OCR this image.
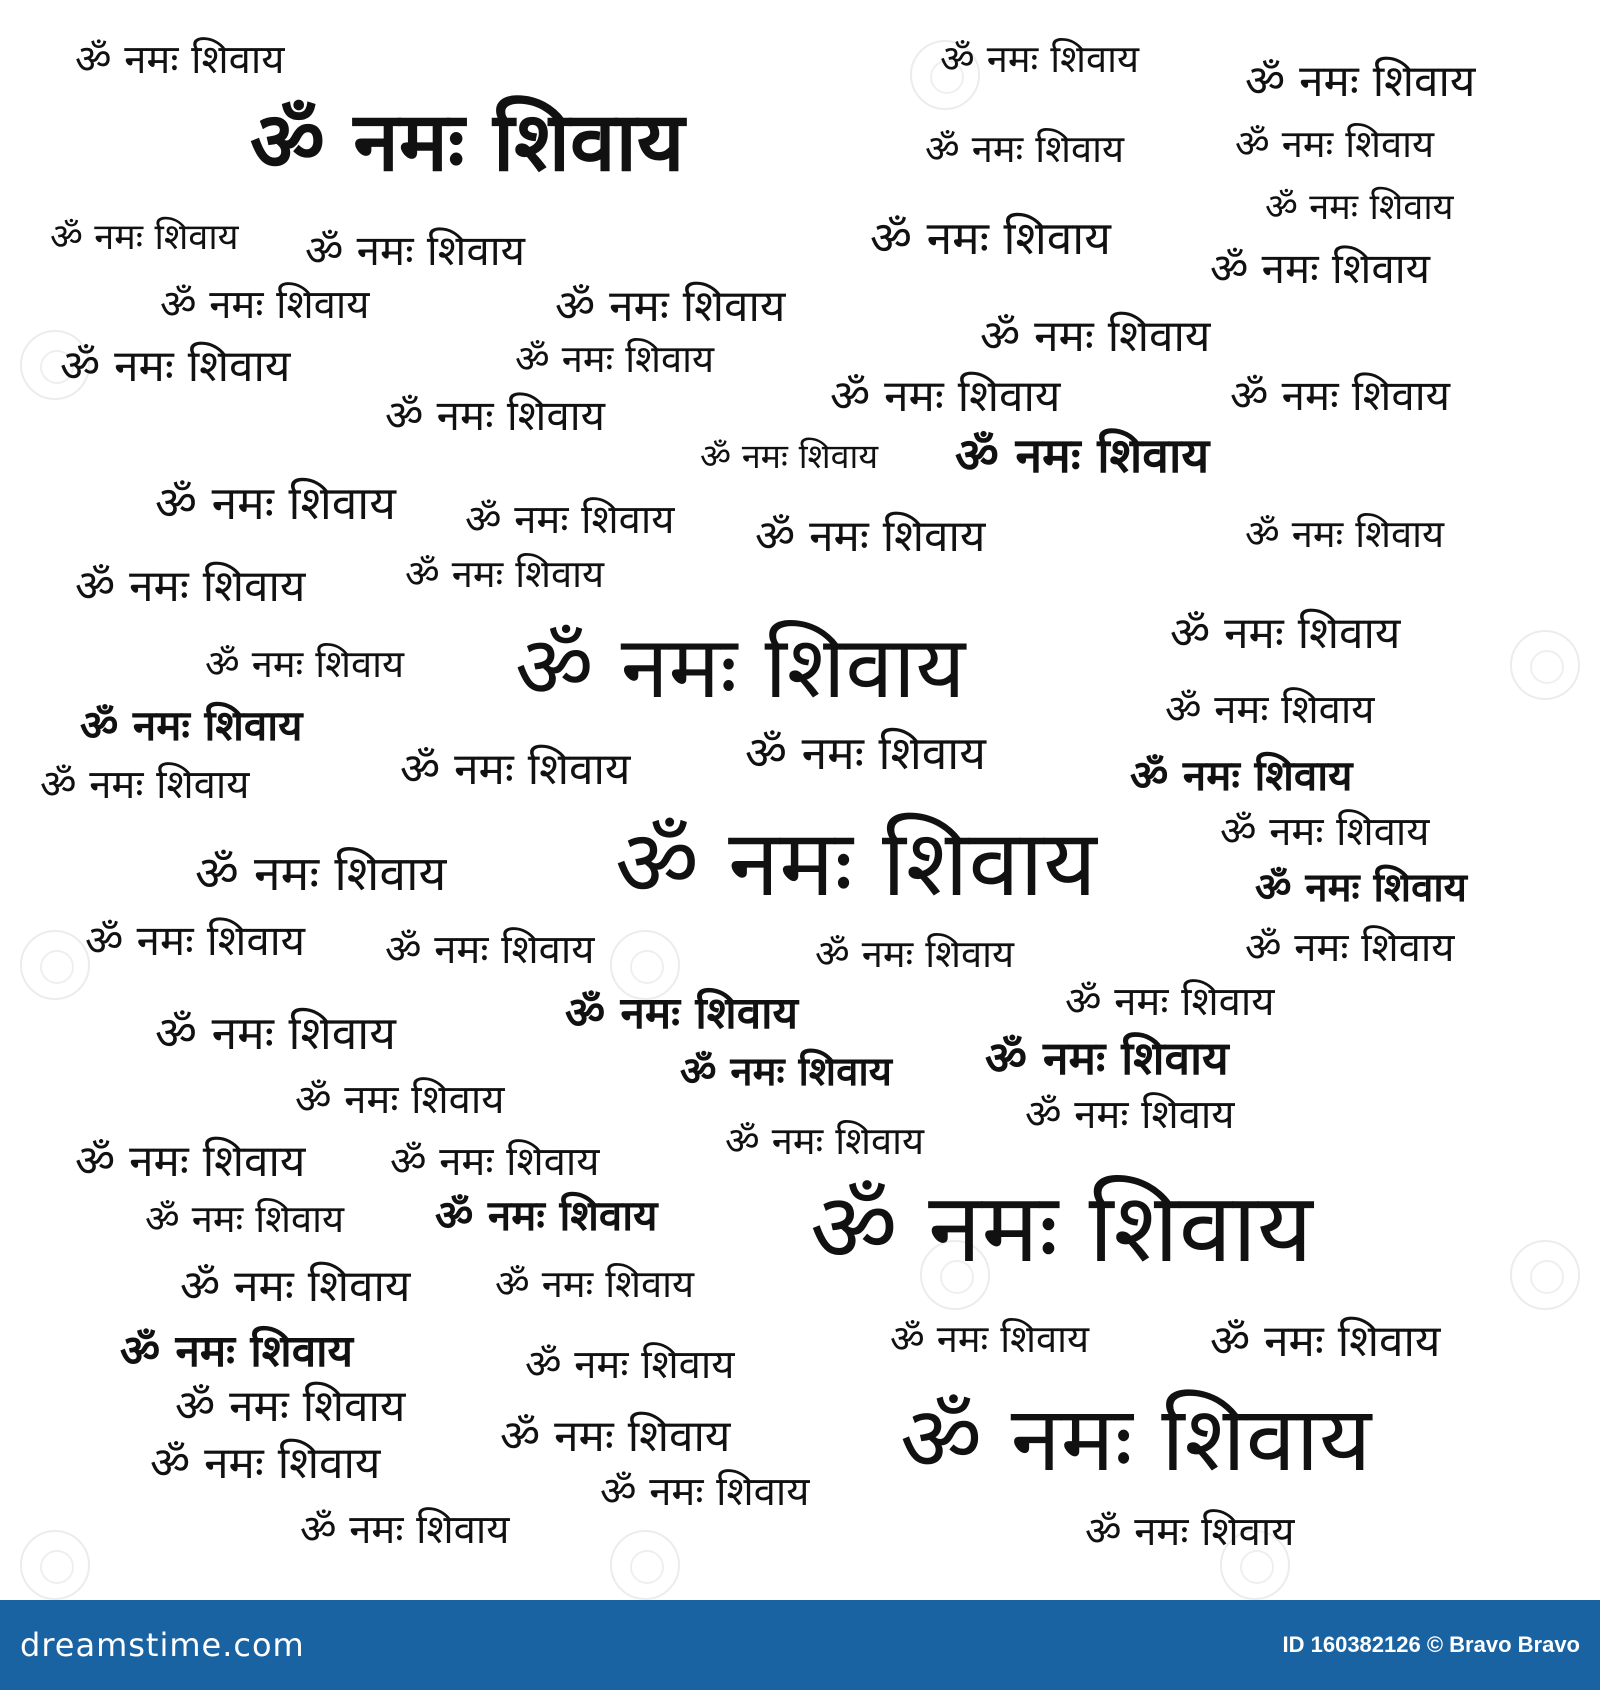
ॐ नमः शिवाय
ॐ नमः शिवाय
ॐ नमः शिवाय ॐ नमः शिवाय
ॐ नमः शिवाय	ॐ नमः शिवाय
ॐ नमः शिवाय
ॐ नमः शिवाय ॐ नमः शिवाय	ॐ नमः शिवाय
ॐ नमः शिवाय
ॐ नमः शिवाय	ॐ नमः शिवाय
ॐ नमः शिवाय
ॐ नमः शिवाय	ॐ नमः शिवाय
ॐ नमः शिवाय	ॐ नमः शिवाय	ॐ नमः शिवाय
ॐ नमः शिवाय ॐ नमः शिवाय
ॐ नमः शिवाय ॐ नमः शिवाय ॐ नमः शिवाय	ॐ नमः शिवाय
ॐ नमः शिवाय	ॐ नमः शिवाय
ॐ नमः शिवाय	ॐ नमः शिवाय
ॐ नमः शिवाय
ॐ नमः शिवाय
ॐ नमः शिवाय
ॐ नमः शिवाय
ॐ नमः शिवाय	ॐ नमः शिवाय
ॐ नमः शिवाय
ॐ नमः शिवाय
ॐ नमः शिवाय ॐ नमः शिवाय	ॐ नमः शिवाय
ॐ नमः शिवाय ॐ नमः शिवाय	ॐ नमः शिवाय	ॐ नमः शिवाय
ॐ नमः शिवाय
ॐ नमः शिवाय	ॐ नमः शिवाय
ॐ नमः शिवाय
ॐ नमः शिवाय
ॐ नमः शिवाय	ॐ नमः शिवाय
ॐ नमः शिवाय
ॐ नमः शिवाय ॐ नमः शिवाय
ॐ नमः शिवाय ॐ नमः शिवाय ॐ नमः शिवाय
ॐ नमः शिवाय ॐ नमः शिवाय
ॐ नमः शिवाय	ॐ नमः शिवाय	ॐ नमः शिवाय
ॐ नमः शिवाय
ॐ नमः शिवाय
ॐ नमः शिवाय ॐ नमः शिवाय
ॐ नमः शिवाय
ॐ नमः शिवाय
ॐ नमः शिवाय	ॐ नमः शिवाय
dreamstime.com	ID 160382126 © Bravo Bravo
